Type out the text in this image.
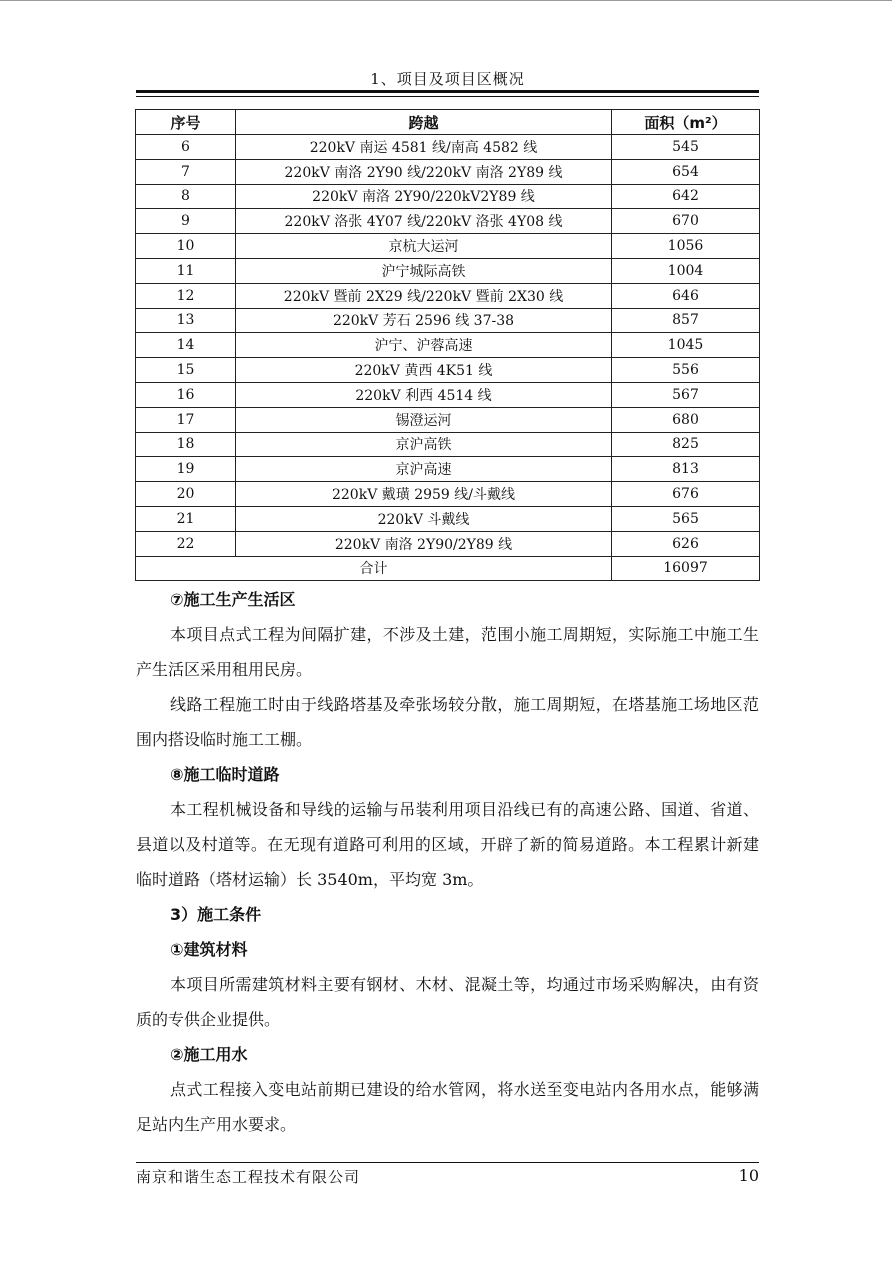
1、项目及项目区概况
序号	跨越	面积（m²）
6	220kV 南运 4581 线/南高 4582 线	545
7	220kV 南洛 2Y90 线/220kV 南洛 2Y89 线	654
8	220kV 南洛 2Y90/220kV2Y89 线	642
9	220kV 洛张 4Y07 线/220kV 洛张 4Y08 线	670
10	京杭大运河	1056
11	沪宁城际高铁	1004
12	220kV 暨前 2X29 线/220kV 暨前 2X30 线	646
13	220kV 芳石 2596 线 37-38	857
14	沪宁、沪蓉高速	1045
15	220kV 黄西 4K51 线	556
16	220kV 利西 4514 线	567
17	锡澄运河	680
18	京沪高铁	825
19	京沪高速	813
20	220kV 戴璜 2959 线/斗戴线	676
21	220kV 斗戴线	565
22	220kV 南洛 2Y90/2Y89 线	626
合计		16097

⑦施工生产生活区

本项目点式工程为间隔扩建，不涉及土建，范围小施工周期短，实际施工中施工生产生活区采用租用民房。

线路工程施工时由于线路塔基及牵张场较分散，施工周期短，在塔基施工场地区范围内搭设临时施工工棚。

⑧施工临时道路

本工程机械设备和导线的运输与吊装利用项目沿线已有的高速公路、国道、省道、县道以及村道等。在无现有道路可利用的区域，开辟了新的简易道路。本工程累计新建临时道路（塔材运输）长 3540m，平均宽 3m。

3）施工条件

①建筑材料

本项目所需建筑材料主要有钢材、木材、混凝土等，均通过市场采购解决，由有资质的专供企业提供。

②施工用水

点式工程接入变电站前期已建设的给水管网，将水送至变电站内各用水点，能够满足站内生产用水要求。

南京和谐生态工程技术有限公司	10
